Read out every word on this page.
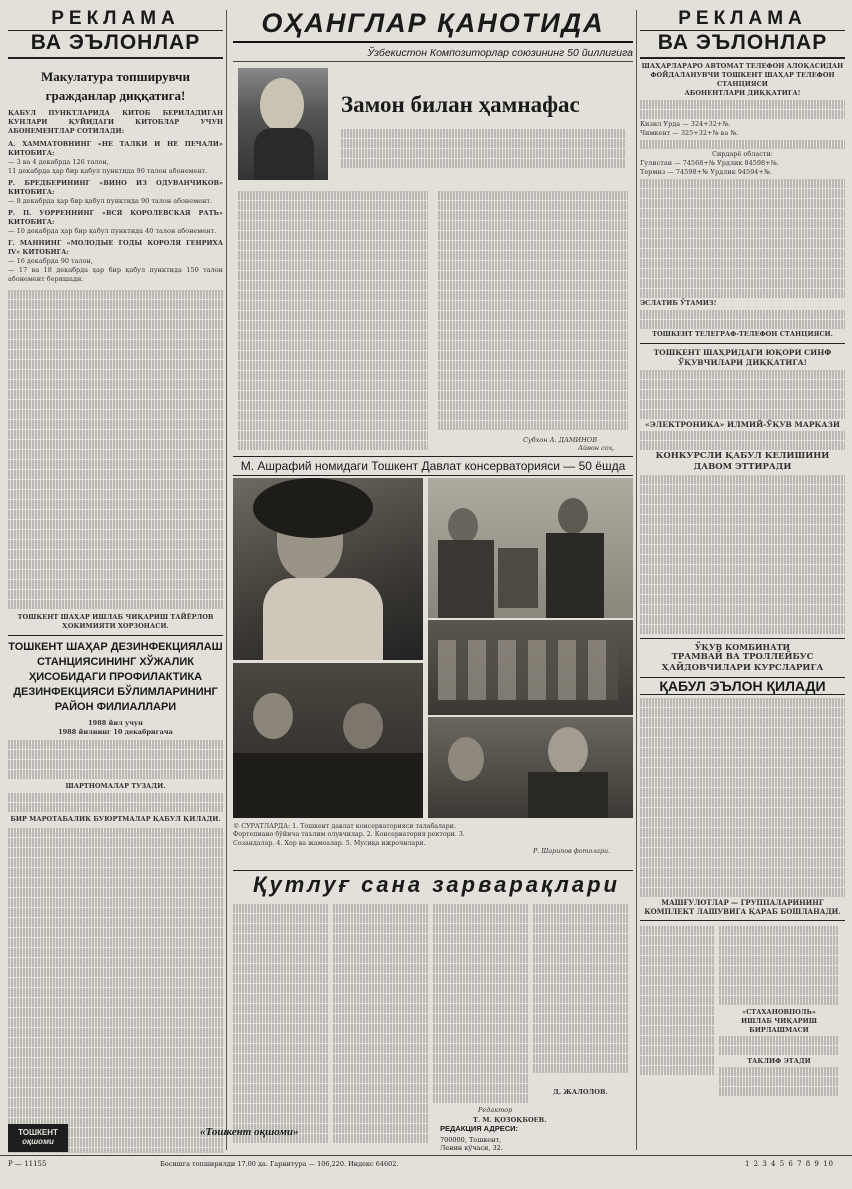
РЕКЛАМА
ВА ЭЪЛОНЛАР
Макулатура топширувчи гражданлар диққатига!
ҚАБУЛ ПУНКТЛАРИДА КИТОБ БЕРИЛАДИГАН КУНЛАРИ ҚУЙИДАГИ КИТОБЛАР УЧУН АБОНЕМЕНТЛАР СОТИЛАДИ:
А. ХАММАТОВНИНГ «НЕ ТАЛКИ И НЕ ПЕЧАЛИ» КИТОБИГА:
— 3 ва 4 декабрда 126 талон,
11 декабрда ҳар бир қабул пунктида 90 талон абонемент.
Р. БРЕДБЕРИНИНГ «ВИНО ИЗ ОДУВАНЧИКОВ» КИТОБИГА:
— 8 декабрда ҳар бир қабул пунктида 90 талон абонемент.
Р. П. УОРРЕННИНГ «ВСЯ КОРОЛЕВСКАЯ РАТЬ» КИТОБИГА:
— 10 декабрда ҳар бир қабул пунктида 40 талон абонемент.
Г. МАННИНГ «МОЛОДЫЕ ГОДЫ КОРОЛЯ ГЕНРИХА IV» КИТОБИГА:
— 16 декабрда 90 талон,
— 17 ва 18 декабрда ҳар бир қабул пунктида 150 талон абонемент беришади.
ТОШКЕНТ ШАҲАР ИШЛАБ ЧИҚАРИШ ТАЙЁРЛОВ ҲОКИМИЯТИ ХОРЗОНАСИ.
ТОШКЕНТ ШАҲАР ДЕЗИНФЕКЦИЯЛАШ СТАНЦИЯСИНИНГ ХЎЖАЛИК ҲИСОБИДАГИ ПРОФИЛАКТИКА ДЕЗИНФЕКЦИЯСИ БЎЛИМЛАРИНИНГ РАЙОН ФИЛИАЛЛАРИ
1988 йил учун
1988 йилнинг 10 декабригача
ШАРТНОМАЛАР ТУЗАДИ.
БИР МАРОТАБАЛИК БУЮРТМАЛАР ҚАБУЛ ҚИЛАДИ.
ОҲАНГЛАР ҚАНОТИДА
Ўзбекистон Композиторлар союзининг 50 йиллигига
Замон билан ҳамнафас
Субхон А. ДАМИНОВ
Айвон соҳ.
М. Ашрафий номидаги Тошкент Давлат консерваторияси — 50 ёшда
© СУРАТЛАРДА: 1. Тошкент давлат консерваторияси талабалари. Фортепиано бўйича таълим олувчилар. 2. Консерватория ректори. 3. Созандалар. 4. Хор ва жамоалар. 5. Мусиқа ижрочилари.
Р. Шарипов фотолари.
Қутлуғ сана зарварақлари
Д. ЖАЛОЛОВ.
Редактор
Т. М. ҚОЗОҚБОЕВ.
РЕКЛАМА
ВА ЭЪЛОНЛАР
ШАҲАРЛАРАРО АВТОМАТ ТЕЛЕФОН АЛОҚАСИДАН ФОЙДАЛАНУВЧИ ТОШКЕНТ ШАҲАР ТЕЛЕФОН СТАНЦИЯСИ
АБОНЕНТЛАРИ ДИҚҚАТИГА!
Кизил Урда — 324+32+№.
Чимкент — 325+32+№ ва №.
Сирдарё области:
Гулистан — 74568+№ Урдлик 84598+№.
Термиз — 74598+№ Урдлик 94594+№.
ЭСЛАТИБ ЎТАМИЗ!
ТОШКЕНТ ТЕЛЕГРАФ-ТЕЛЕФОН СТАНЦИЯСИ.
ТОШКЕНТ ШАҲРИДАГИ ЮҚОРИ СИНФ ЎҚУВЧИЛАРИ ДИҚҚАТИГА!
«ЭЛЕКТРОНИКА» ИЛМИЙ-ЎҚУВ МАРКАЗИ
КОНКУРСЛИ ҚАБУЛ КЕЛИШИНИ ДАВОМ ЭТТИРАДИ
ЎҚУВ КОМБИНАТИ
ТРАМВАЙ ВА ТРОЛЛЕЙБУС ҲАЙДОВЧИЛАРИ КУРСЛАРИГА
ҚАБУЛ ЭЪЛОН ҚИЛАДИ
МАШҒУЛОТЛАР — ГРУППАЛАРИНИНГ КОМПЛЕКТ ЛАШУВИГА ҚАРАБ БОШЛАНАДИ.
«СТАХАНОВПОЛЬ»
ИШЛАБ ЧИҚАРИШ БИРЛАШМАСИ
ТАКЛИФ ЭТАДИ
ТОШКЕНТ
оқшоми
«Тошкент оқшоми»	РЕДАКЦИЯ АДРЕСИ:
700000, Тошкент, Ленин кўчаси, 32.
Р — 11155	Босишга топширилди 17.00 да. Гарнитура — 106,220. Индекс 64602.	1 2 3 4 5 6 7 8 9 10
